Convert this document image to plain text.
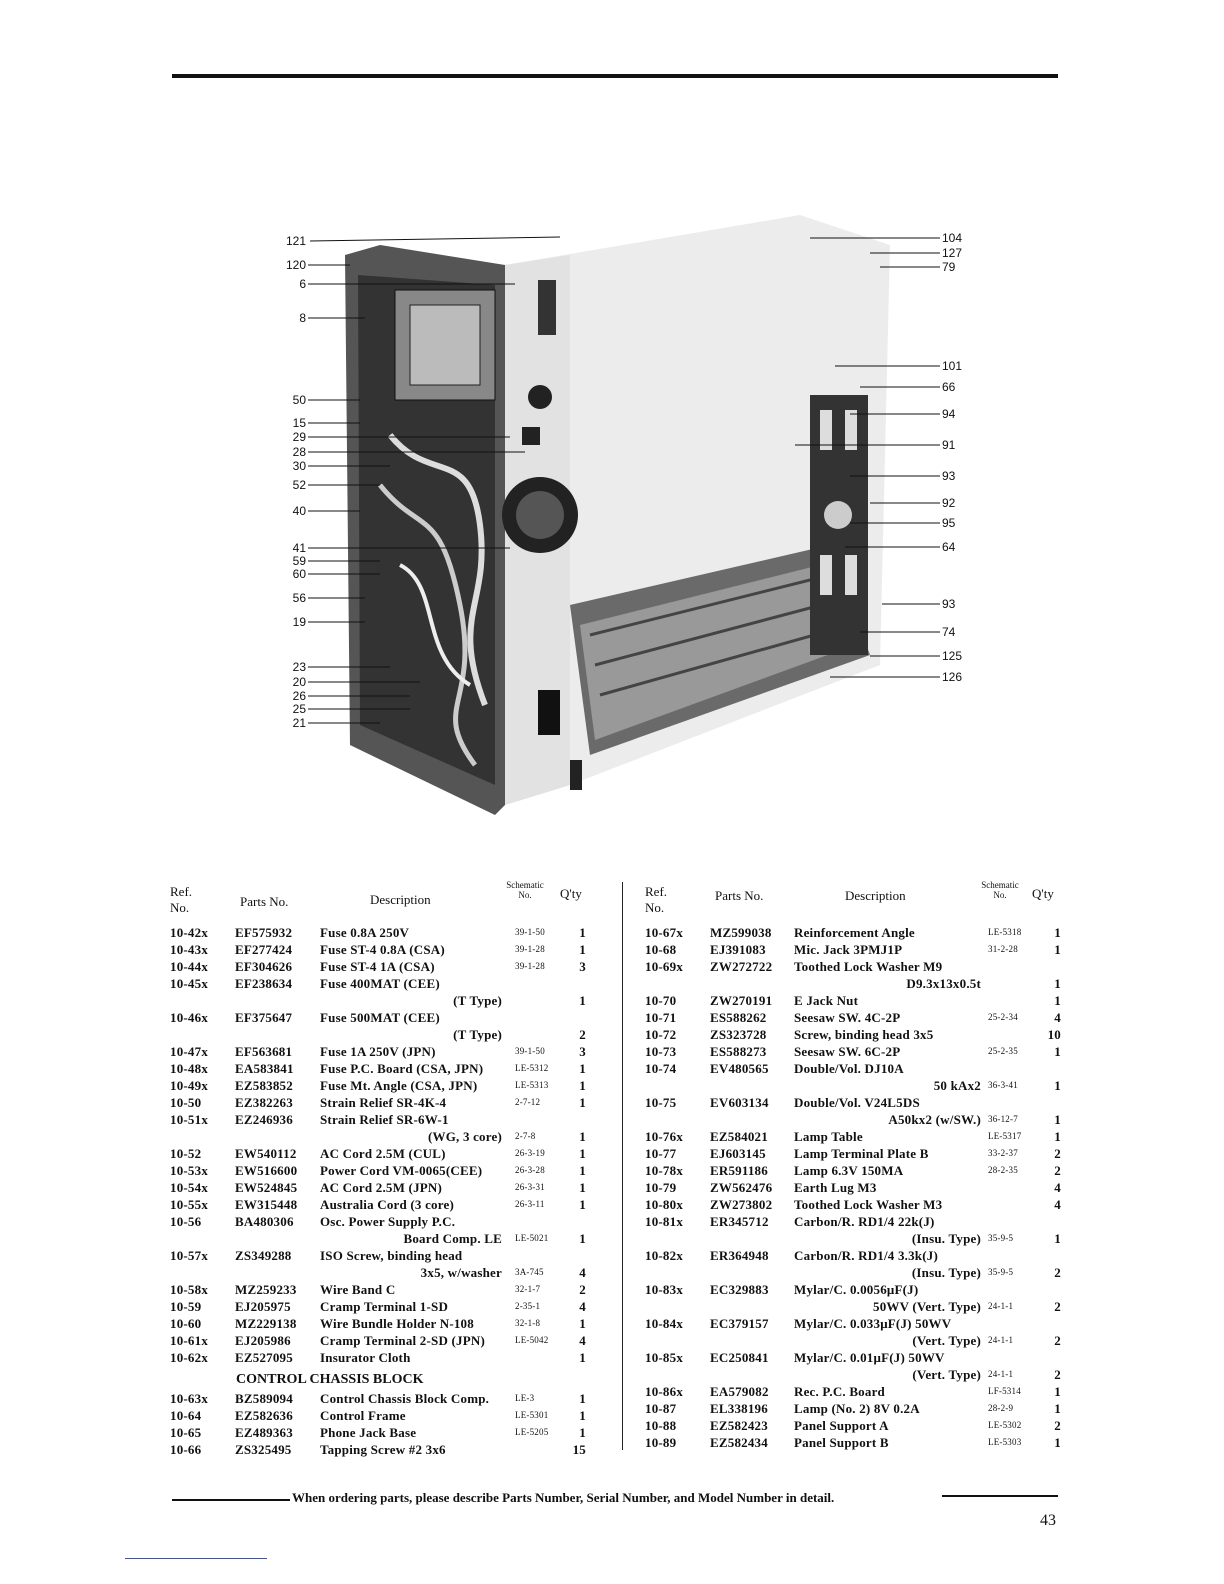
121
120
6
8
50
15
29
28
30
52
40
41
59
60
56
19
23
20
26
25
21
104
127
79
101
66
94
91
93
92
95
64
93
74
125
126
Ref. No.	Parts No.	Description
Schematic No.	Q'ty
10-42x EF575932 Fuse 0.8A 250V	39-1-50	1
10-43x EF277424 Fuse ST-4 0.8A (CSA)	39-1-28	1
10-44x EF304626 Fuse ST-4 1A (CSA)	39-1-28	3
10-45x EF238634 Fuse 400MAT (CEE)
(T Type)	1
10-46x EF375647 Fuse 500MAT (CEE)
(T Type)	2
10-47x EF563681 Fuse 1A 250V (JPN)	39-1-50	3
10-48x EA583841 Fuse P.C. Board (CSA, JPN)	LE-5312	1
10-49x EZ583852 Fuse Mt. Angle (CSA, JPN)	LE-5313	1
10-50	EZ382263 Strain Relief SR-4K-4	2-7-12	1
10-51x EZ246936 Strain Relief SR-6W-1
(WG, 3 core) 2-7-8	1
10-52	EW540112 AC Cord 2.5M (CUL)	26-3-19	1
10-53x EW516600 Power Cord VM-0065(CEE)	26-3-28	1
10-54x EW524845 AC Cord 2.5M (JPN)	26-3-31	1
10-55x EW315448 Australia Cord (3 core)	26-3-11	1
10-56	BA480306 Osc. Power Supply P.C.
Board Comp. LE LE-5021	1
10-57x ZS349288 ISO Screw, binding head
3x5, w/washer 3A-745	4
10-58x MZ259233 Wire Band C	32-1-7	2
10-59	EJ205975 Cramp Terminal 1-SD	2-35-1	4
10-60	MZ229138 Wire Bundle Holder N-108	32-1-8	1
10-61x EJ205986 Cramp Terminal 2-SD (JPN)	LE-5042	4
10-62x EZ527095 Insurator Cloth	1
CONTROL CHASSIS BLOCK
10-63x BZ589094 Control Chassis Block Comp.	LE-3	1
10-64	EZ582636 Control Frame	LE-5301	1
10-65	EZ489363 Phone Jack Base	LE-5205	1
10-66	ZS325495 Tapping Screw #2 3x6	15
Ref. No.
Parts No.	Description
Schematic No.	Q'ty
10-67x MZ599038 Reinforcement Angle	LE-5318	1
10-68	EJ391083 Mic. Jack 3PMJ1P	31-2-28	1
10-69x ZW272722 Toothed Lock Washer M9
D9.3x13x0.5t	1
10-70	ZW270191 E Jack Nut	1
10-71	ES588262 Seesaw SW. 4C-2P	25-2-34	4
10-72	ZS323728 Screw, binding head 3x5	10
10-73	ES588273 Seesaw SW. 6C-2P	25-2-35	1
10-74	EV480565 Double/Vol. DJ10A
50 kAx2 36-3-41	1
10-75	EV603134 Double/Vol. V24L5DS
A50kx2 (w/SW.) 36-12-7	1
10-76x EZ584021 Lamp Table	LE-5317	1
10-77	EJ603145 Lamp Terminal Plate B	33-2-37	2
10-78x ER591186 Lamp 6.3V 150MA	28-2-35	2
10-79	ZW562476 Earth Lug M3	4
10-80x ZW273802 Toothed Lock Washer M3	4
10-81x ER345712 Carbon/R. RD1/4 22k(J)
(Insu. Type) 35-9-5	1
10-82x ER364948 Carbon/R. RD1/4 3.3k(J)
(Insu. Type) 35-9-5	2
10-83x EC329883 Mylar/C. 0.0056μF(J)
50WV (Vert. Type) 24-1-1	2
10-84x EC379157 Mylar/C. 0.033μF(J) 50WV
(Vert. Type) 24-1-1	2
10-85x EC250841 Mylar/C. 0.01μF(J) 50WV
(Vert. Type) 24-1-1	2
10-86x EA579082 Rec. P.C. Board	LF-5314	1
10-87	EL338196 Lamp (No. 2) 8V 0.2A	28-2-9	1
10-88	EZ582423 Panel Support A	LE-5302	2
10-89	EZ582434 Panel Support B	LE-5303	1
When ordering parts, please describe Parts Number, Serial Number, and Model Number in detail.
43
